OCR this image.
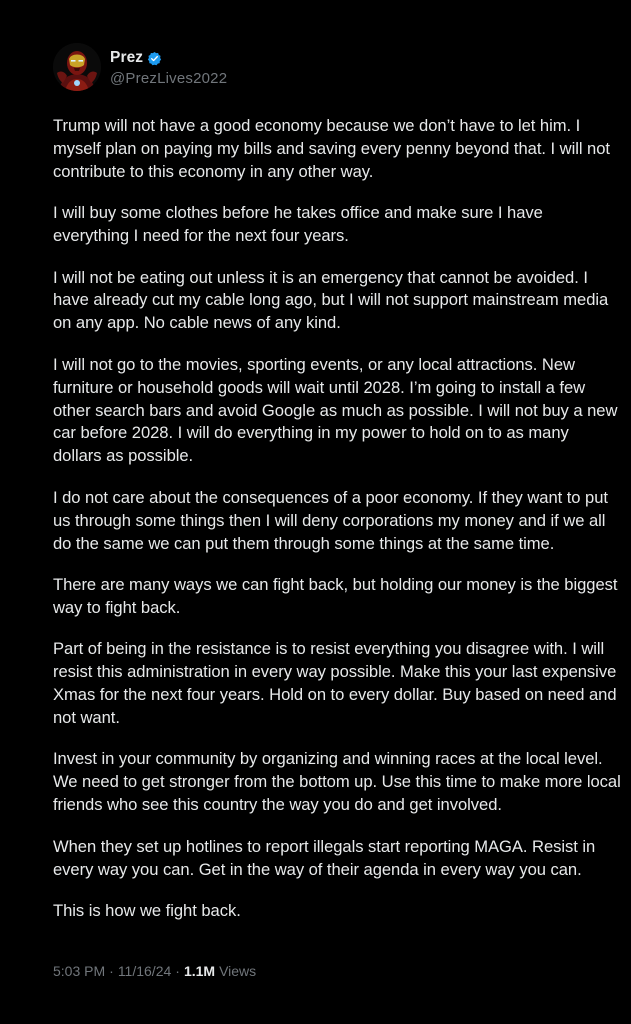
Prez
@PrezLives2022

Trump will not have a good economy because we don’t have to let him. I myself plan on paying my bills and saving every penny beyond that. I will not contribute to this economy in any other way.

I will buy some clothes before he takes office and make sure I have everything I need for the next four years.

I will not be eating out unless it is an emergency that cannot be avoided. I have already cut my cable long ago, but I will not support mainstream media on any app. No cable news of any kind.

I will not go to the movies, sporting events, or any local attractions. New furniture or household goods will wait until 2028. I’m going to install a few other search bars and avoid Google as much as possible. I will not buy a new car before 2028. I will do everything in my power to hold on to as many dollars as possible.

I do not care about the consequences of a poor economy. If they want to put us through some things then I will deny corporations my money and if we all do the same we can put them through some things at the same time.

There are many ways we can fight back, but holding our money is the biggest way to fight back.

Part of being in the resistance is to resist everything you disagree with. I will resist this administration in every way possible. Make this your last expensive Xmas for the next four years. Hold on to every dollar. Buy based on need and not want.

Invest in your community by organizing and winning races at the local level. We need to get stronger from the bottom up. Use this time to make more local friends who see this country the way you do and get involved.

When they set up hotlines to report illegals start reporting MAGA. Resist in every way you can. Get in the way of their agenda in every way you can.

This is how we fight back.

5:03 PM · 11/16/24 · 1.1M Views
